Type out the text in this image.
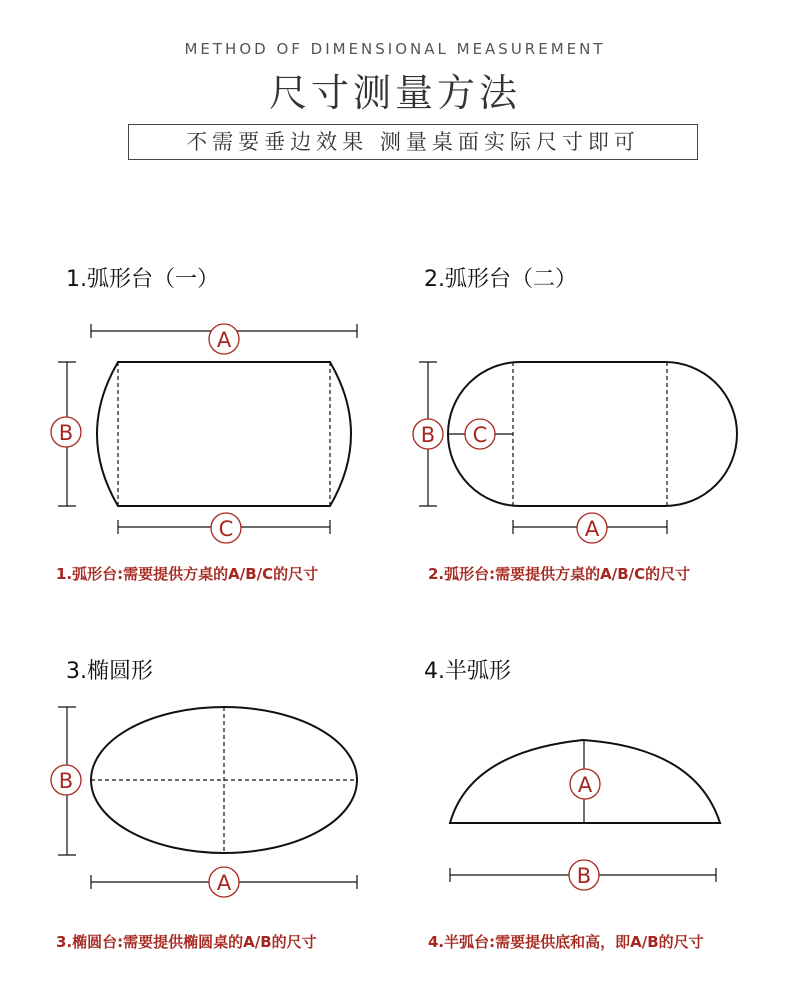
METHOD OF DIMENSIONAL MEASUREMENT
尺寸测量方法
不需要垂边效果 测量桌面实际尺寸即可
1.弧形台（一）	2.弧形台（二）
3.椭圆形	4.半弧形
1.弧形台:需要提供方桌的A/B/C的尺寸	2.弧形台:需要提供方桌的A/B/C的尺寸
3.椭圆台:需要提供椭圆桌的A/B的尺寸	4.半弧台:需要提供底和高，即A/B的尺寸
A
B
C
B C
A
B
A
A
B
